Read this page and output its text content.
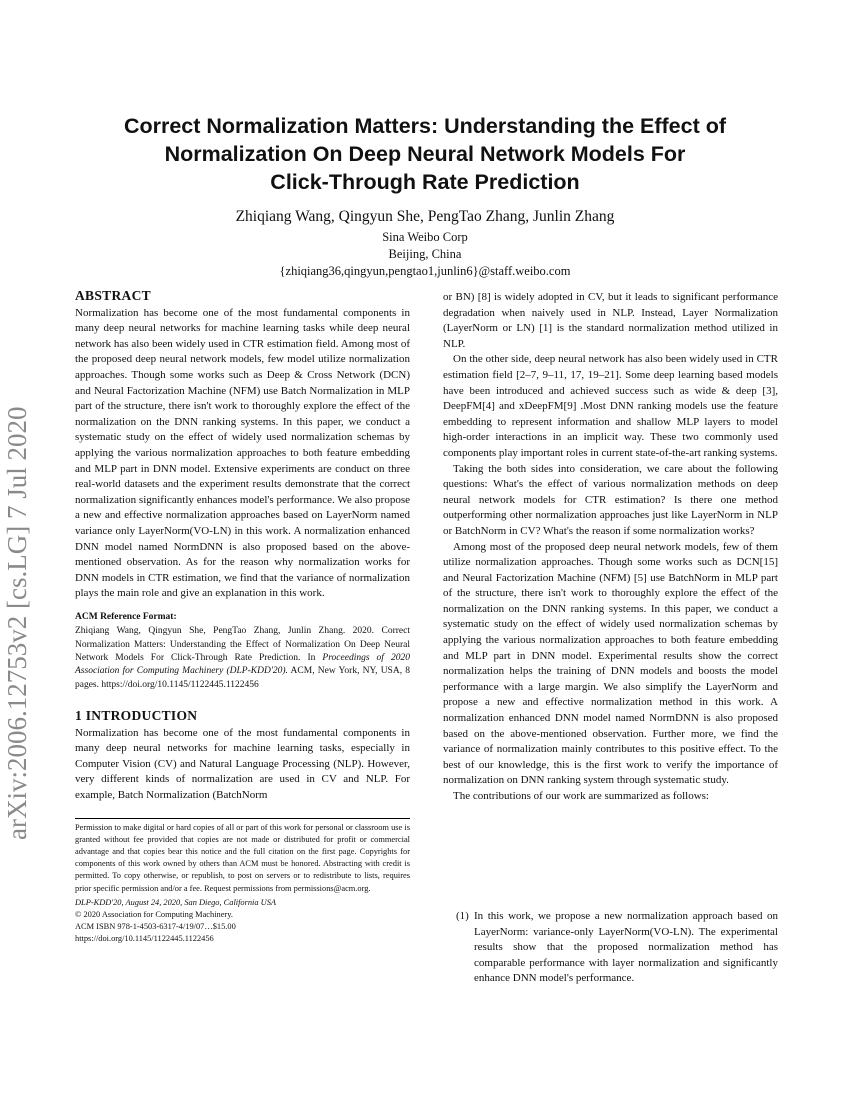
arXiv:2006.12753v2 [cs.LG] 7 Jul 2020
Correct Normalization Matters: Understanding the Effect of
Normalization On Deep Neural Network Models For
Click-Through Rate Prediction
Zhiqiang Wang, Qingyun She, PengTao Zhang, Junlin Zhang
Sina Weibo Corp
Beijing, China
{zhiqiang36,qingyun,pengtao1,junlin6}@staff.weibo.com
ABSTRACT

Normalization has become one of the most fundamental components in many deep neural networks for machine learning tasks while deep neural network has also been widely used in CTR estimation field. Among most of the proposed deep neural network models, few model utilize normalization approaches. Though some works such as Deep & Cross Network (DCN) and Neural Factorization Machine (NFM) use Batch Normalization in MLP part of the structure, there isn't work to thoroughly explore the effect of the normalization on the DNN ranking systems. In this paper, we conduct a systematic study on the effect of widely used normalization schemas by applying the various normalization approaches to both feature embedding and MLP part in DNN model. Extensive experiments are conduct on three real-world datasets and the experiment results demonstrate that the correct normalization significantly enhances model's performance. We also propose a new and effective normalization approaches based on LayerNorm named variance only LayerNorm(VO-LN) in this work. A normalization enhanced DNN model named NormDNN is also proposed based on the above-mentioned observation. As for the reason why normalization works for DNN models in CTR estimation, we find that the variance of normalization plays the main role and give an explanation in this work.

ACM Reference Format:

Zhiqiang Wang, Qingyun She, PengTao Zhang, Junlin Zhang. 2020. Correct Normalization Matters: Understanding the Effect of Normalization On Deep Neural Network Models For Click-Through Rate Prediction. In Proceedings of 2020 Association for Computing Machinery (DLP-KDD'20). ACM, New York, NY, USA, 8 pages. https://doi.org/10.1145/1122445.1122456

1 INTRODUCTION

Normalization has become one of the most fundamental components in many deep neural networks for machine learning tasks, especially in Computer Vision (CV) and Natural Language Processing (NLP). However, very different kinds of normalization are used in CV and NLP. For example, Batch Normalization (BatchNorm

Permission to make digital or hard copies of all or part of this work for personal or classroom use is granted without fee provided that copies are not made or distributed for profit or commercial advantage and that copies bear this notice and the full citation on the first page. Copyrights for components of this work owned by others than ACM must be honored. Abstracting with credit is permitted. To copy otherwise, or republish, to post on servers or to redistribute to lists, requires prior specific permission and/or a fee. Request permissions from permissions@acm.org.

DLP-KDD'20, August 24, 2020, San Diego, California USA

© 2020 Association for Computing Machinery.

ACM ISBN 978-1-4503-6317-4/19/07…$15.00

https://doi.org/10.1145/1122445.1122456

or BN) [8] is widely adopted in CV, but it leads to significant performance degradation when naively used in NLP. Instead, Layer Normalization (LayerNorm or LN) [1] is the standard normalization method utilized in NLP.

On the other side, deep neural network has also been widely used in CTR estimation field [2–7, 9–11, 17, 19–21]. Some deep learning based models have been introduced and achieved success such as wide & deep [3], DeepFM[4] and xDeepFM[9] .Most DNN ranking models use the feature embedding to represent information and shallow MLP layers to model high-order interactions in an implicit way. These two commonly used components play important roles in current state-of-the-art ranking systems.

Taking the both sides into consideration, we care about the following questions: What's the effect of various normalization methods on deep neural network models for CTR estimation? Is there one method outperforming other normalization approaches just like LayerNorm in NLP or BatchNorm in CV? What's the reason if some normalization works?

Among most of the proposed deep neural network models, few of them utilize normalization approaches. Though some works such as DCN[15] and Neural Factorization Machine (NFM) [5] use BatchNorm in MLP part of the structure, there isn't work to thoroughly explore the effect of the normalization on the DNN ranking systems. In this paper, we conduct a systematic study on the effect of widely used normalization schemas by applying the various normalization approaches to both feature embedding and MLP part in DNN model. Experimental results show the correct normalization helps the training of DNN models and boosts the model performance with a large margin. We also simplify the LayerNorm and propose a new and effective normalization method in this work. A normalization enhanced DNN model named NormDNN is also proposed based on the above-mentioned observation. Further more, we find the variance of normalization mainly contributes to this positive effect. To the best of our knowledge, this is the first work to verify the importance of normalization on DNN ranking system through systematic study.

The contributions of our work are summarized as follows:

(1) In this work, we propose a new normalization approach based on LayerNorm: variance-only LayerNorm(VO-LN). The experimental results show that the proposed normalization method has comparable performance with layer normalization and significantly enhance DNN model's performance.
